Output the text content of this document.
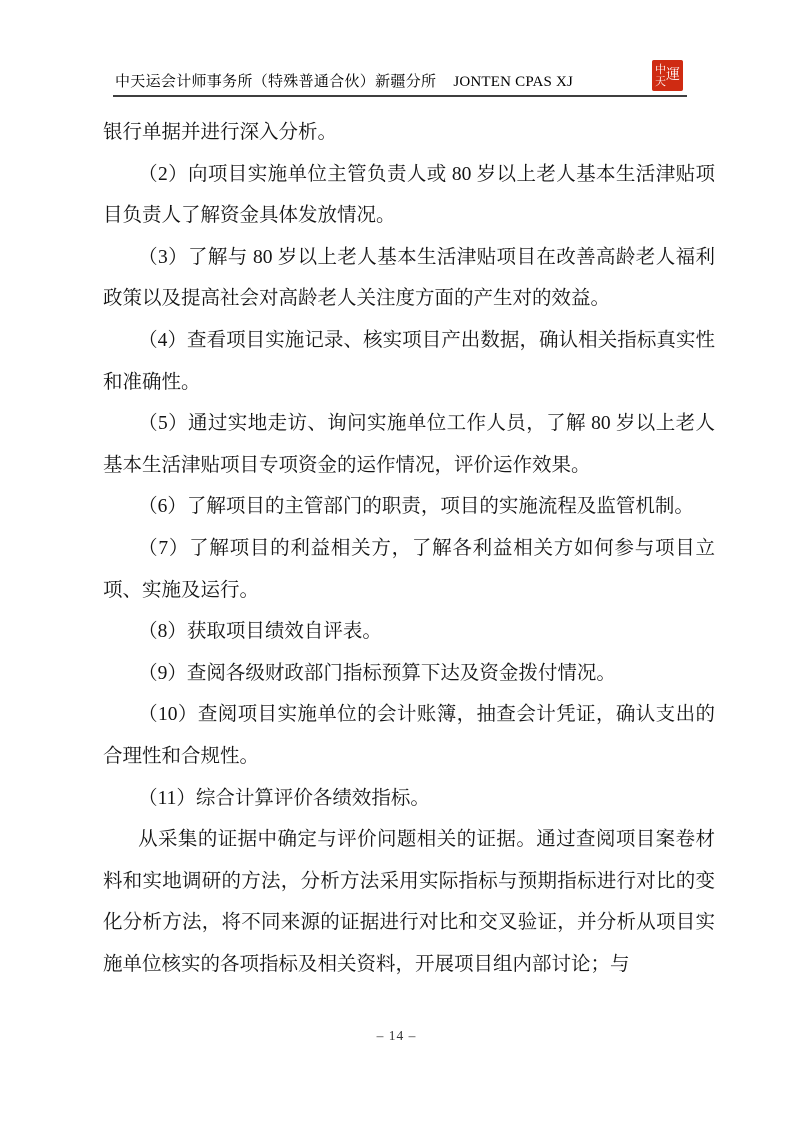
中天运会计师事务所（特殊普通合伙）新疆分所 JONTEN CPAS XJ
中
天 運

银行单据并进行深入分析。

（2）向项目实施单位主管负责人或 80 岁以上老人基本生活津贴项目负责人了解资金具体发放情况。

（3）了解与 80 岁以上老人基本生活津贴项目在改善高龄老人福利政策以及提高社会对高龄老人关注度方面的产生对的效益。

（4）查看项目实施记录、核实项目产出数据，确认相关指标真实性和准确性。

（5）通过实地走访、询问实施单位工作人员，了解 80 岁以上老人基本生活津贴项目专项资金的运作情况，评价运作效果。

（6）了解项目的主管部门的职责，项目的实施流程及监管机制。

（7）了解项目的利益相关方，了解各利益相关方如何参与项目立项、实施及运行。

（8）获取项目绩效自评表。

（9）查阅各级财政部门指标预算下达及资金拨付情况。

（10）查阅项目实施单位的会计账簿，抽查会计凭证，确认支出的合理性和合规性。

（11）综合计算评价各绩效指标。

从采集的证据中确定与评价问题相关的证据。通过查阅项目案卷材料和实地调研的方法，分析方法采用实际指标与预期指标进行对比的变化分析方法，将不同来源的证据进行对比和交叉验证，并分析从项目实施单位核实的各项指标及相关资料，开展项目组内部讨论；与

– 14 –
